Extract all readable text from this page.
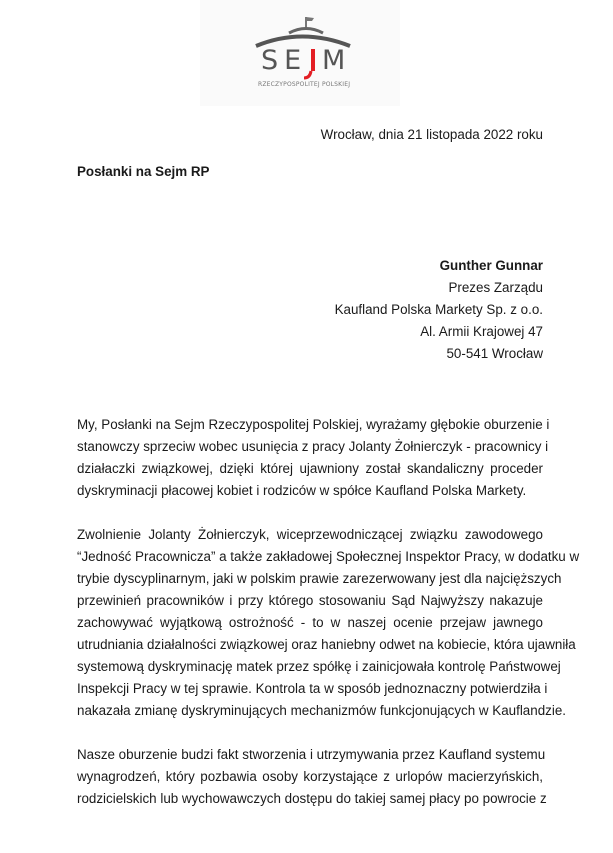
SE M
RZECZYPOSPOLITEJ POLSKIEJ
Wrocław, dnia 21 listopada 2022 roku
Posłanki na Sejm RP
Gunther Gunnar
Prezes Zarządu
Kaufland Polska Markety Sp. z o.o.
Al. Armii Krajowej 47
50-541 Wrocław
My, Posłanki na Sejm Rzeczypospolitej Polskiej, wyrażamy głębokie oburzenie i
stanowczy sprzeciw wobec usunięcia z pracy Jolanty Żołnierczyk - pracownicy i
działaczki związkowej, dzięki której ujawniony został skandaliczny proceder
dyskryminacji płacowej kobiet i rodziców w spółce Kaufland Polska Markety.
Zwolnienie Jolanty Żołnierczyk, wiceprzewodniczącej związku zawodowego
“Jedność Pracownicza” a także zakładowej Społecznej Inspektor Pracy, w dodatku w
trybie dyscyplinarnym, jaki w polskim prawie zarezerwowany jest dla najcięższych
przewinień pracowników i przy którego stosowaniu Sąd Najwyższy nakazuje
zachowywać wyjątkową ostrożność - to w naszej ocenie przejaw jawnego
utrudniania działalności związkowej oraz haniebny odwet na kobiecie, która ujawniła
systemową dyskryminację matek przez spółkę i zainicjowała kontrolę Państwowej
Inspekcji Pracy w tej sprawie. Kontrola ta w sposób jednoznaczny potwierdziła i
nakazała zmianę dyskryminujących mechanizmów funkcjonujących w Kauflandzie.
Nasze oburzenie budzi fakt stworzenia i utrzymywania przez Kaufland systemu
wynagrodzeń, który pozbawia osoby korzystające z urlopów macierzyńskich,
rodzicielskich lub wychowawczych dostępu do takiej samej płacy po powrocie z
